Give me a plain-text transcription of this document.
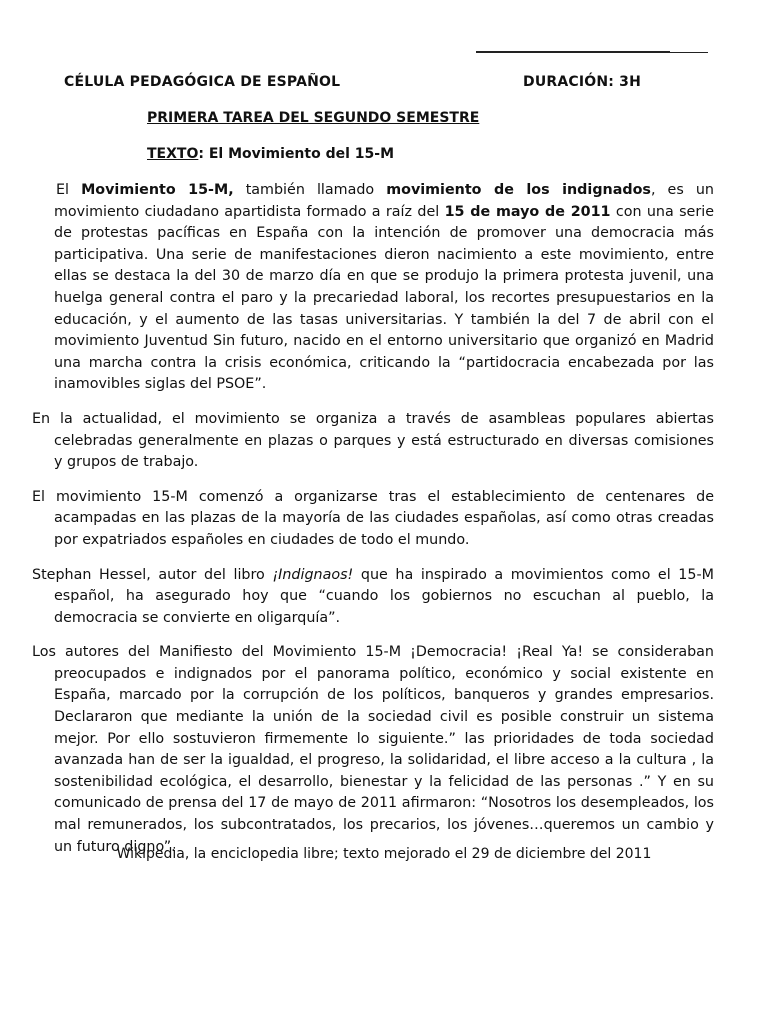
CÉLULA PEDAGÓGICA DE ESPAÑOL	DURACIÓN: 3H
PRIMERA TAREA DEL SEGUNDO SEMESTRE
TEXTO: El Movimiento del 15-M

El Movimiento 15-M, también llamado movimiento de los indignados, es un movimiento ciudadano apartidista formado a raíz del 15 de mayo de 2011 con una serie de protestas pacíficas en España con la intención de promover una democracia más participativa. Una serie de manifestaciones dieron nacimiento a este movimiento, entre ellas se destaca la del 30 de marzo día en que se produjo la primera protesta juvenil, una huelga general contra el paro y la precariedad laboral, los recortes presupuestarios en la educación, y el aumento de las tasas universitarias. Y también la del 7 de abril con el movimiento Juventud Sin futuro, nacido en el entorno universitario que organizó en Madrid una marcha contra la crisis económica, criticando la “partidocracia encabezada por las inamovibles siglas del PSOE”.

En la actualidad, el movimiento se organiza a través de asambleas populares abiertas celebradas generalmente en plazas o parques y está estructurado en diversas comisiones y grupos de trabajo.

El movimiento 15-M comenzó a organizarse tras el establecimiento de centenares de acampadas en las plazas de la mayoría de las ciudades españolas, así como otras creadas por expatriados españoles en ciudades de todo el mundo.

Stephan Hessel, autor del libro ¡Indignaos! que ha inspirado a movimientos como el 15-M español, ha asegurado hoy que “cuando los gobiernos no escuchan al pueblo, la democracia se convierte en oligarquía”.

Los autores del Manifiesto del Movimiento 15-M ¡Democracia! ¡Real Ya! se consideraban preocupados e indignados por el panorama político, económico y social existente en España, marcado por la corrupción de los políticos, banqueros y grandes empresarios. Declararon que mediante la unión de la sociedad civil es posible construir un sistema mejor. Por ello sostuvieron firmemente lo siguiente.” las prioridades de toda sociedad avanzada han de ser la igualdad, el progreso, la solidaridad, el libre acceso a la cultura , la sostenibilidad ecológica, el desarrollo, bienestar y la felicidad de las personas .” Y en su comunicado de prensa del 17 de mayo de 2011 afirmaron: “Nosotros los desempleados, los mal remunerados, los subcontratados, los precarios, los jóvenes…queremos un cambio y un futuro digno”.

Wikipedia, la enciclopedia libre; texto mejorado el 29 de diciembre del 2011
